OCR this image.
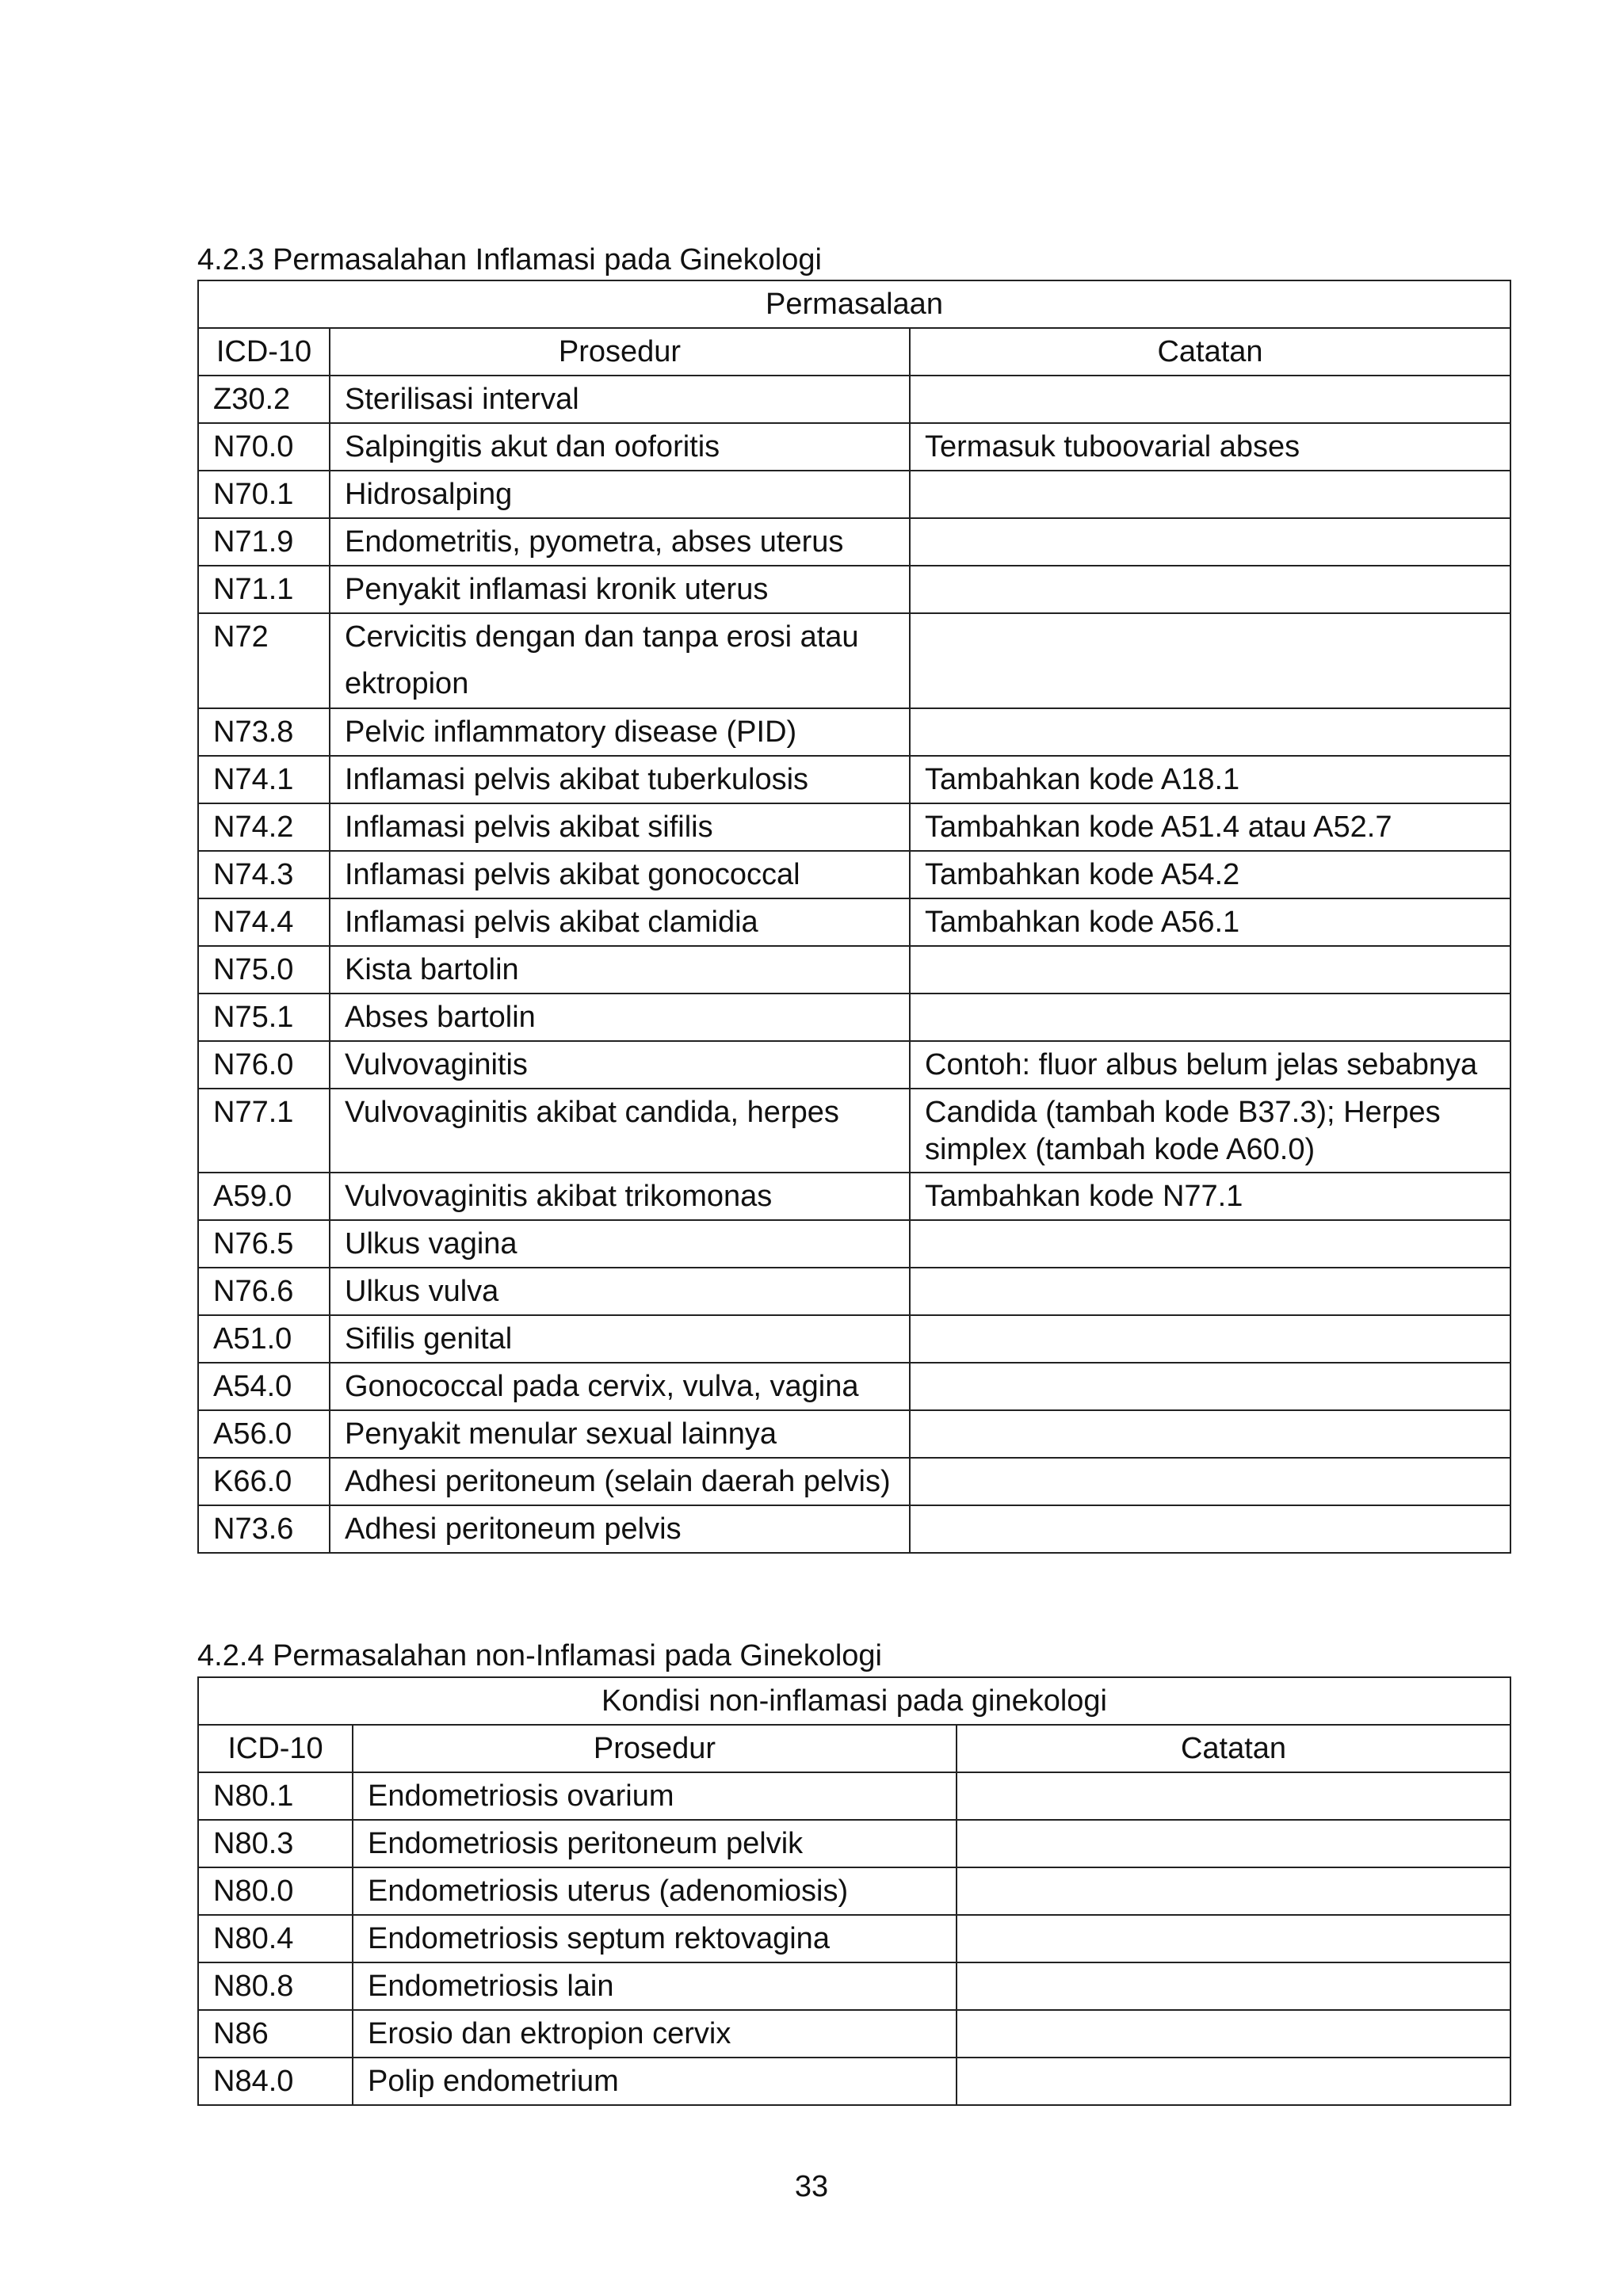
4.2.3 Permasalahan Inflamasi pada Ginekologi
Permasalaan		
ICD-10	Prosedur	Catatan
Z30.2	Sterilisasi interval	
N70.0	Salpingitis akut dan ooforitis	Termasuk tuboovarial abses
N70.1	Hidrosalping	
N71.9	Endometritis, pyometra, abses uterus	
N71.1	Penyakit inflamasi kronik uterus	
N72	Cervicitis dengan dan tanpa erosi atau ektropion	
N73.8	Pelvic inflammatory disease (PID)	
N74.1	Inflamasi pelvis akibat tuberkulosis	Tambahkan kode A18.1
N74.2	Inflamasi pelvis akibat sifilis	Tambahkan kode A51.4 atau A52.7
N74.3	Inflamasi pelvis akibat gonococcal	Tambahkan kode A54.2
N74.4	Inflamasi pelvis akibat clamidia	Tambahkan kode A56.1
N75.0	Kista bartolin	
N75.1	Abses bartolin	
N76.0	Vulvovaginitis	Contoh: fluor albus belum jelas sebabnya
N77.1	Vulvovaginitis akibat candida, herpes	Candida (tambah kode B37.3); Herpes simplex (tambah kode A60.0)
A59.0	Vulvovaginitis akibat trikomonas	Tambahkan kode N77.1
N76.5	Ulkus vagina	
N76.6	Ulkus vulva	
A51.0	Sifilis genital	
A54.0	Gonococcal pada cervix, vulva, vagina	
A56.0	Penyakit menular sexual lainnya	
K66.0	Adhesi peritoneum (selain daerah pelvis)	
N73.6	Adhesi peritoneum pelvis	
4.2.4 Permasalahan non-Inflamasi pada Ginekologi
Kondisi non-inflamasi pada ginekologi		
ICD-10	Prosedur	Catatan
N80.1	Endometriosis ovarium	
N80.3	Endometriosis peritoneum pelvik	
N80.0	Endometriosis uterus (adenomiosis)	
N80.4	Endometriosis septum rektovagina	
N80.8	Endometriosis lain	
N86	Erosio dan ektropion cervix	
N84.0	Polip endometrium	
33
